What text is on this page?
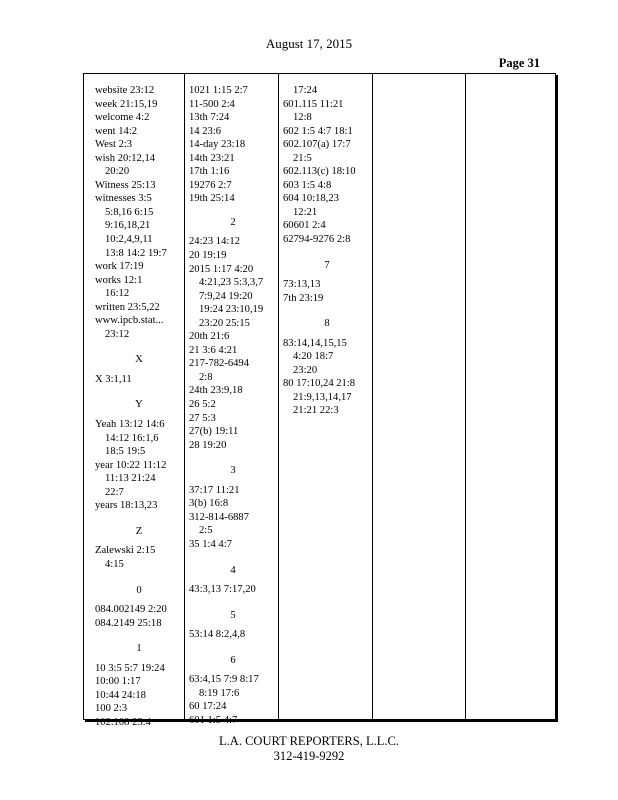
August 17, 2015
Page 31
website 23:12
week 21:15,19
welcome 4:2
went 14:2
West 2:3
wish 20:12,14
20:20
Witness 25:13
witnesses 3:5
5:8,16 6:15
9:16,18,21
10:2,4,9,11
13:8 14:2 19:7
work 17:19
works 12:1
16:12
written 23:5,22
www.ipcb.stat...
23:12
X
X 3:1,11
Y
Yeah 13:12 14:6
14:12 16:1,6
18:5 19:5
year 10:22 11:12
11:13 21:24
22:7
years 18:13,23
Z
Zalewski 2:15
4:15
0
084.002149 2:20
084.2149 25:18
1
10 3:5 5:7 19:24
10:00 1:17
10:44 24:18
100 2:3
102.108 23:4
1021 1:15 2:7
11-500 2:4
13th 7:24
14 23:6
14-day 23:18
14th 23:21
17th 1:16
19276 2:7
19th 25:14
2
24:23 14:12
20 19:19
2015 1:17 4:20
4:21,23 5:3,3,7
7:9,24 19:20
19:24 23:10,19
23:20 25:15
20th 21:6
21 3:6 4:21
217-782-6494
2:8
24th 23:9,18
26 5:2
27 5:3
27(b) 19:11
28 19:20
3
37:17 11:21
3(b) 16:8
312-814-6887
2:5
35 1:4 4:7
4
43:3,13 7:17,20
5
53:14 8:2,4,8
6
63:4,15 7:9 8:17
8:19 17:6
60 17:24
601 1:5 4:7
17:24
601.115 11:21
12:8
602 1:5 4:7 18:1
602.107(a) 17:7
21:5
602.113(c) 18:10
603 1:5 4:8
604 10:18,23
12:21
60601 2:4
62794-9276 2:8
7
73:13,13
7th 23:19
8
83:14,14,15,15
4:20 18:7
23:20
80 17:10,24 21:8
21:9,13,14,17
21:21 22:3
L.A. COURT REPORTERS, L.L.C.
312-419-9292
